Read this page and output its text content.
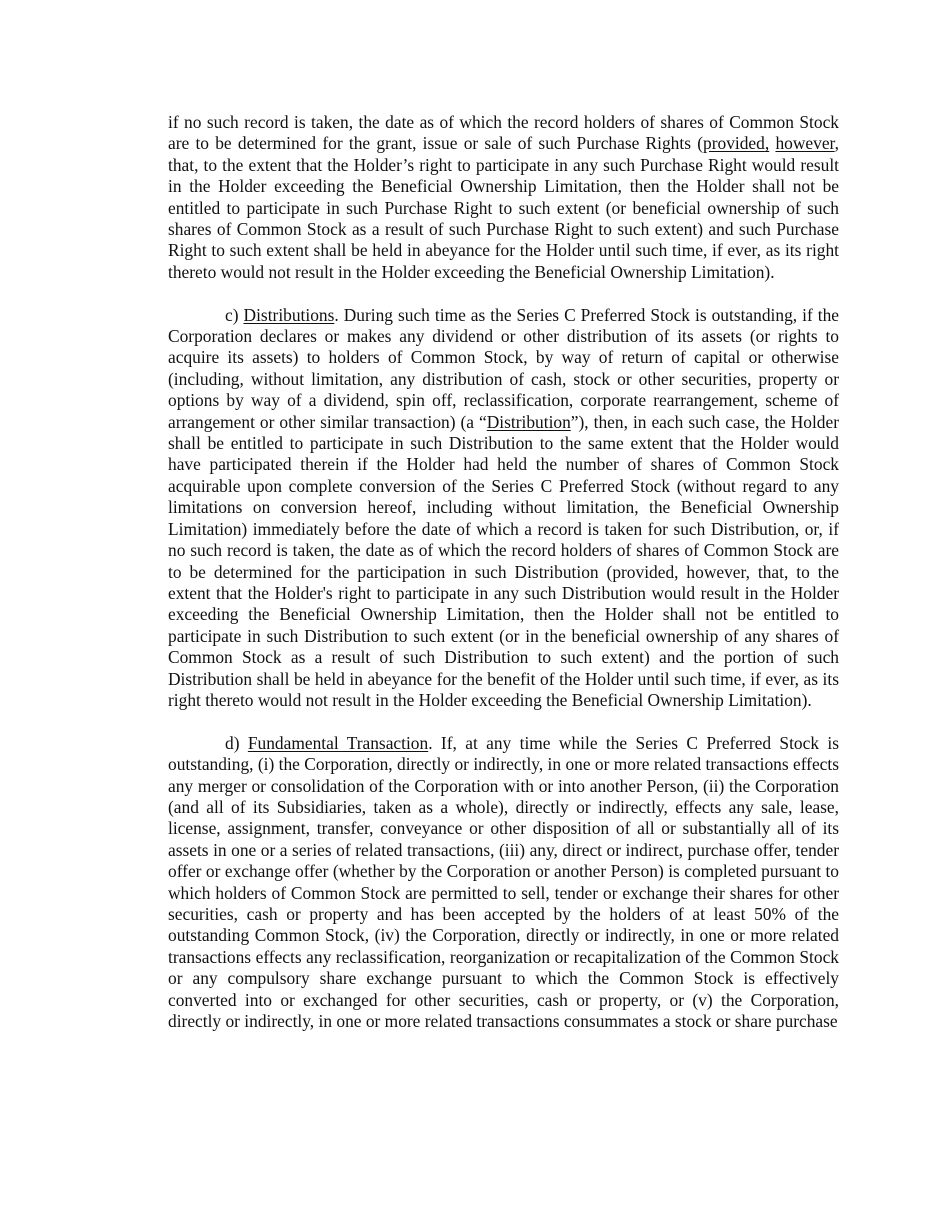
if no such record is taken, the date as of which the record holders of shares of Common Stock are to be determined for the grant, issue or sale of such Purchase Rights (provided, however, that, to the extent that the Holder’s right to participate in any such Purchase Right would result in the Holder exceeding the Beneficial Ownership Limitation, then the Holder shall not be entitled to participate in such Purchase Right to such extent (or beneficial ownership of such shares of Common Stock as a result of such Purchase Right to such extent) and such Purchase Right to such extent shall be held in abeyance for the Holder until such time, if ever, as its right thereto would not result in the Holder exceeding the Beneficial Ownership Limitation).

c) Distributions. During such time as the Series C Preferred Stock is outstanding, if the Corporation declares or makes any dividend or other distribution of its assets (or rights to acquire its assets) to holders of Common Stock, by way of return of capital or otherwise (including, without limitation, any distribution of cash, stock or other securities, property or options by way of a dividend, spin off, reclassification, corporate rearrangement, scheme of arrangement or other similar transaction) (a “Distribution”), then, in each such case, the Holder shall be entitled to participate in such Distribution to the same extent that the Holder would have participated therein if the Holder had held the number of shares of Common Stock acquirable upon complete conversion of the Series C Preferred Stock (without regard to any limitations on conversion hereof, including without limitation, the Beneficial Ownership Limitation) immediately before the date of which a record is taken for such Distribution, or, if no such record is taken, the date as of which the record holders of shares of Common Stock are to be determined for the participation in such Distribution (provided, however, that, to the extent that the Holder's right to participate in any such Distribution would result in the Holder exceeding the Beneficial Ownership Limitation, then the Holder shall not be entitled to participate in such Distribution to such extent (or in the beneficial ownership of any shares of Common Stock as a result of such Distribution to such extent) and the portion of such Distribution shall be held in abeyance for the benefit of the Holder until such time, if ever, as its right thereto would not result in the Holder exceeding the Beneficial Ownership Limitation).

d) Fundamental Transaction. If, at any time while the Series C Preferred Stock is outstanding, (i) the Corporation, directly or indirectly, in one or more related transactions effects any merger or consolidation of the Corporation with or into another Person, (ii) the Corporation (and all of its Subsidiaries, taken as a whole), directly or indirectly, effects any sale, lease, license, assignment, transfer, conveyance or other disposition of all or substantially all of its assets in one or a series of related transactions, (iii) any, direct or indirect, purchase offer, tender offer or exchange offer (whether by the Corporation or another Person) is completed pursuant to which holders of Common Stock are permitted to sell, tender or exchange their shares for other securities, cash or property and has been accepted by the holders of at least 50% of the outstanding Common Stock, (iv) the Corporation, directly or indirectly, in one or more related transactions effects any reclassification, reorganization or recapitalization of the Common Stock or any compulsory share exchange pursuant to which the Common Stock is effectively converted into or exchanged for other securities, cash or property, or (v) the Corporation, directly or indirectly, in one or more related transactions consummates a stock or share purchase
